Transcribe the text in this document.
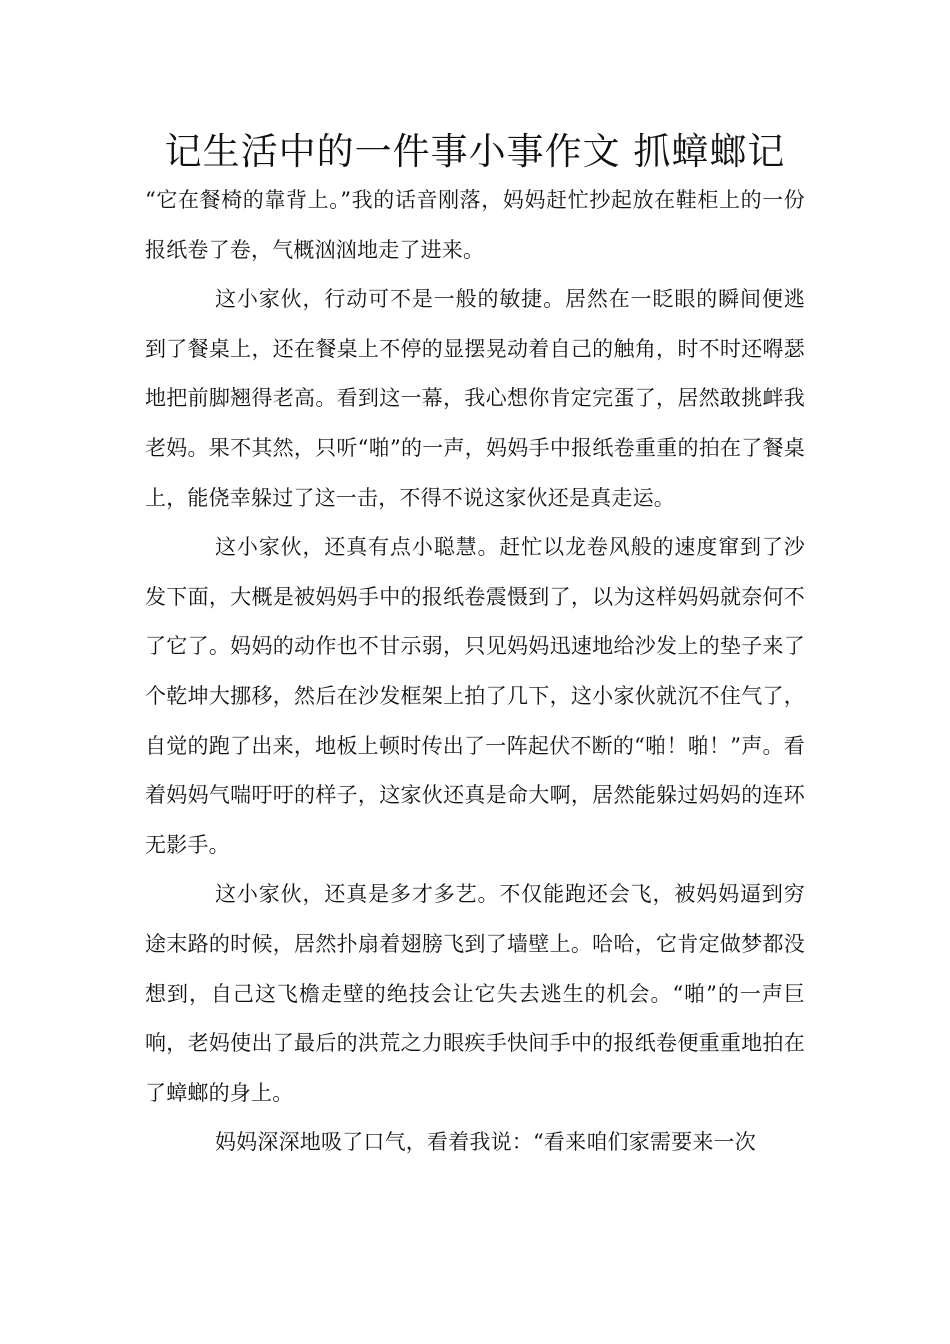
记生活中的一件事小事作文 抓蟑螂记

“它在餐椅的靠背上。”我的话音刚落，妈妈赶忙抄起放在鞋柜上的一份报纸卷了卷，气概汹汹地走了进来。

这小家伙，行动可不是一般的敏捷。居然在一眨眼的瞬间便逃到了餐桌上，还在餐桌上不停的显摆晃动着自己的触角，时不时还嘚瑟地把前脚翘得老高。看到这一幕，我心想你肯定完蛋了，居然敢挑衅我老妈。果不其然，只听“啪”的一声，妈妈手中报纸卷重重的拍在了餐桌上，能侥幸躲过了这一击，不得不说这家伙还是真走运。

这小家伙，还真有点小聪慧。赶忙以龙卷风般的速度窜到了沙发下面，大概是被妈妈手中的报纸卷震慑到了，以为这样妈妈就奈何不了它了。妈妈的动作也不甘示弱，只见妈妈迅速地给沙发上的垫子来了个乾坤大挪移，然后在沙发框架上拍了几下，这小家伙就沉不住气了，自觉的跑了出来，地板上顿时传出了一阵起伏不断的“啪！啪！”声。看着妈妈气喘吁吁的样子，这家伙还真是命大啊，居然能躲过妈妈的连环无影手。

这小家伙，还真是多才多艺。不仅能跑还会飞，被妈妈逼到穷途末路的时候，居然扑扇着翅膀飞到了墙壁上。哈哈，它肯定做梦都没想到，自己这飞檐走壁的绝技会让它失去逃生的机会。“啪”的一声巨响，老妈使出了最后的洪荒之力眼疾手快间手中的报纸卷便重重地拍在了蟑螂的身上。

妈妈深深地吸了口气，看着我说：“看来咱们家需要来一次
